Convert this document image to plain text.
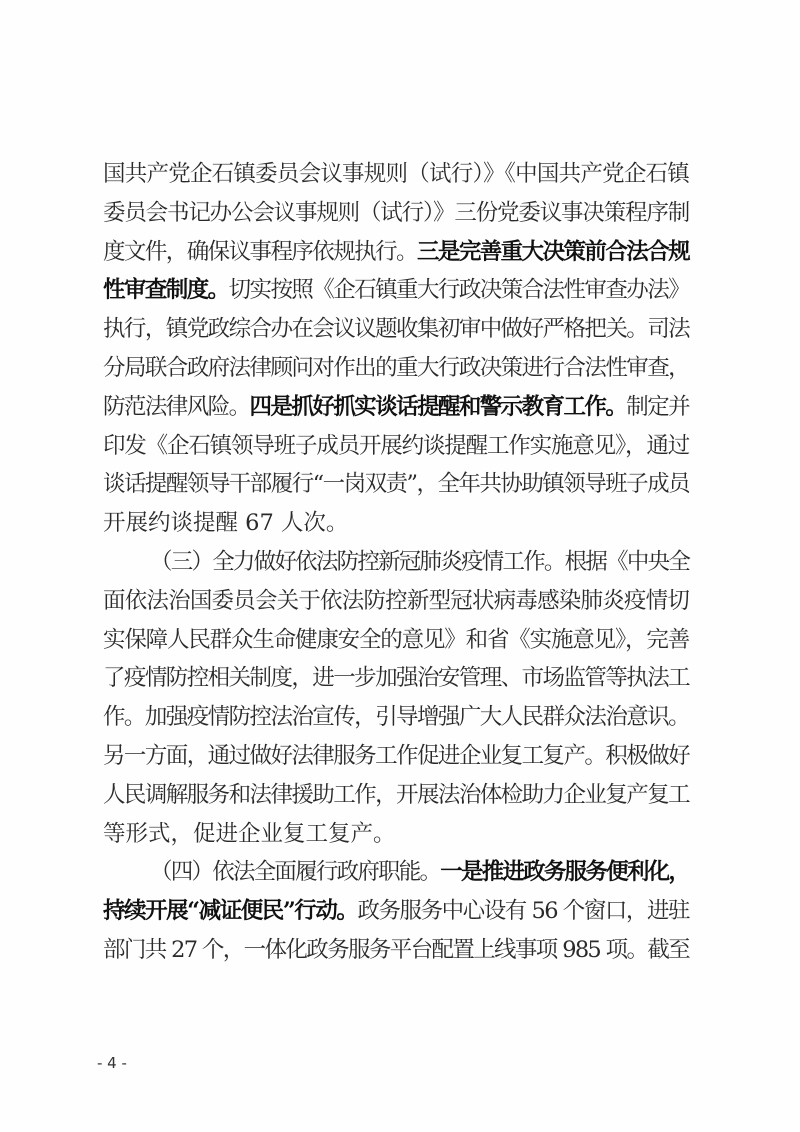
国共产党企石镇委员会议事规则（试行）》《中国共产党企石镇
委员会书记办公会议事规则（试行）》三份党委议事决策程序制
度文件，确保议事程序依规执行。三是完善重大决策前合法合规
性审查制度。切实按照《企石镇重大行政决策合法性审查办法》
执行，镇党政综合办在会议议题收集初审中做好严格把关。司法
分局联合政府法律顾问对作出的重大行政决策进行合法性审查，
防范法律风险。四是抓好抓实谈话提醒和警示教育工作。制定并
印发《企石镇领导班子成员开展约谈提醒工作实施意见》，通过
谈话提醒领导干部履行“一岗双责”，全年共协助镇领导班子成员
开展约谈提醒 67 人次。
（三）全力做好依法防控新冠肺炎疫情工作。根据《中央全
面依法治国委员会关于依法防控新型冠状病毒感染肺炎疫情切
实保障人民群众生命健康安全的意见》和省《实施意见》，完善
了疫情防控相关制度，进一步加强治安管理、市场监管等执法工
作。加强疫情防控法治宣传，引导增强广大人民群众法治意识。
另一方面，通过做好法律服务工作促进企业复工复产。积极做好
人民调解服务和法律援助工作，开展法治体检助力企业复产复工
等形式，促进企业复工复产。
（四）依法全面履行政府职能。一是推进政务服务便利化，
持续开展“减证便民”行动。政务服务中心设有 56 个窗口，进驻
部门共 27 个，一体化政务服务平台配置上线事项 985 项。截至
- 4 -
